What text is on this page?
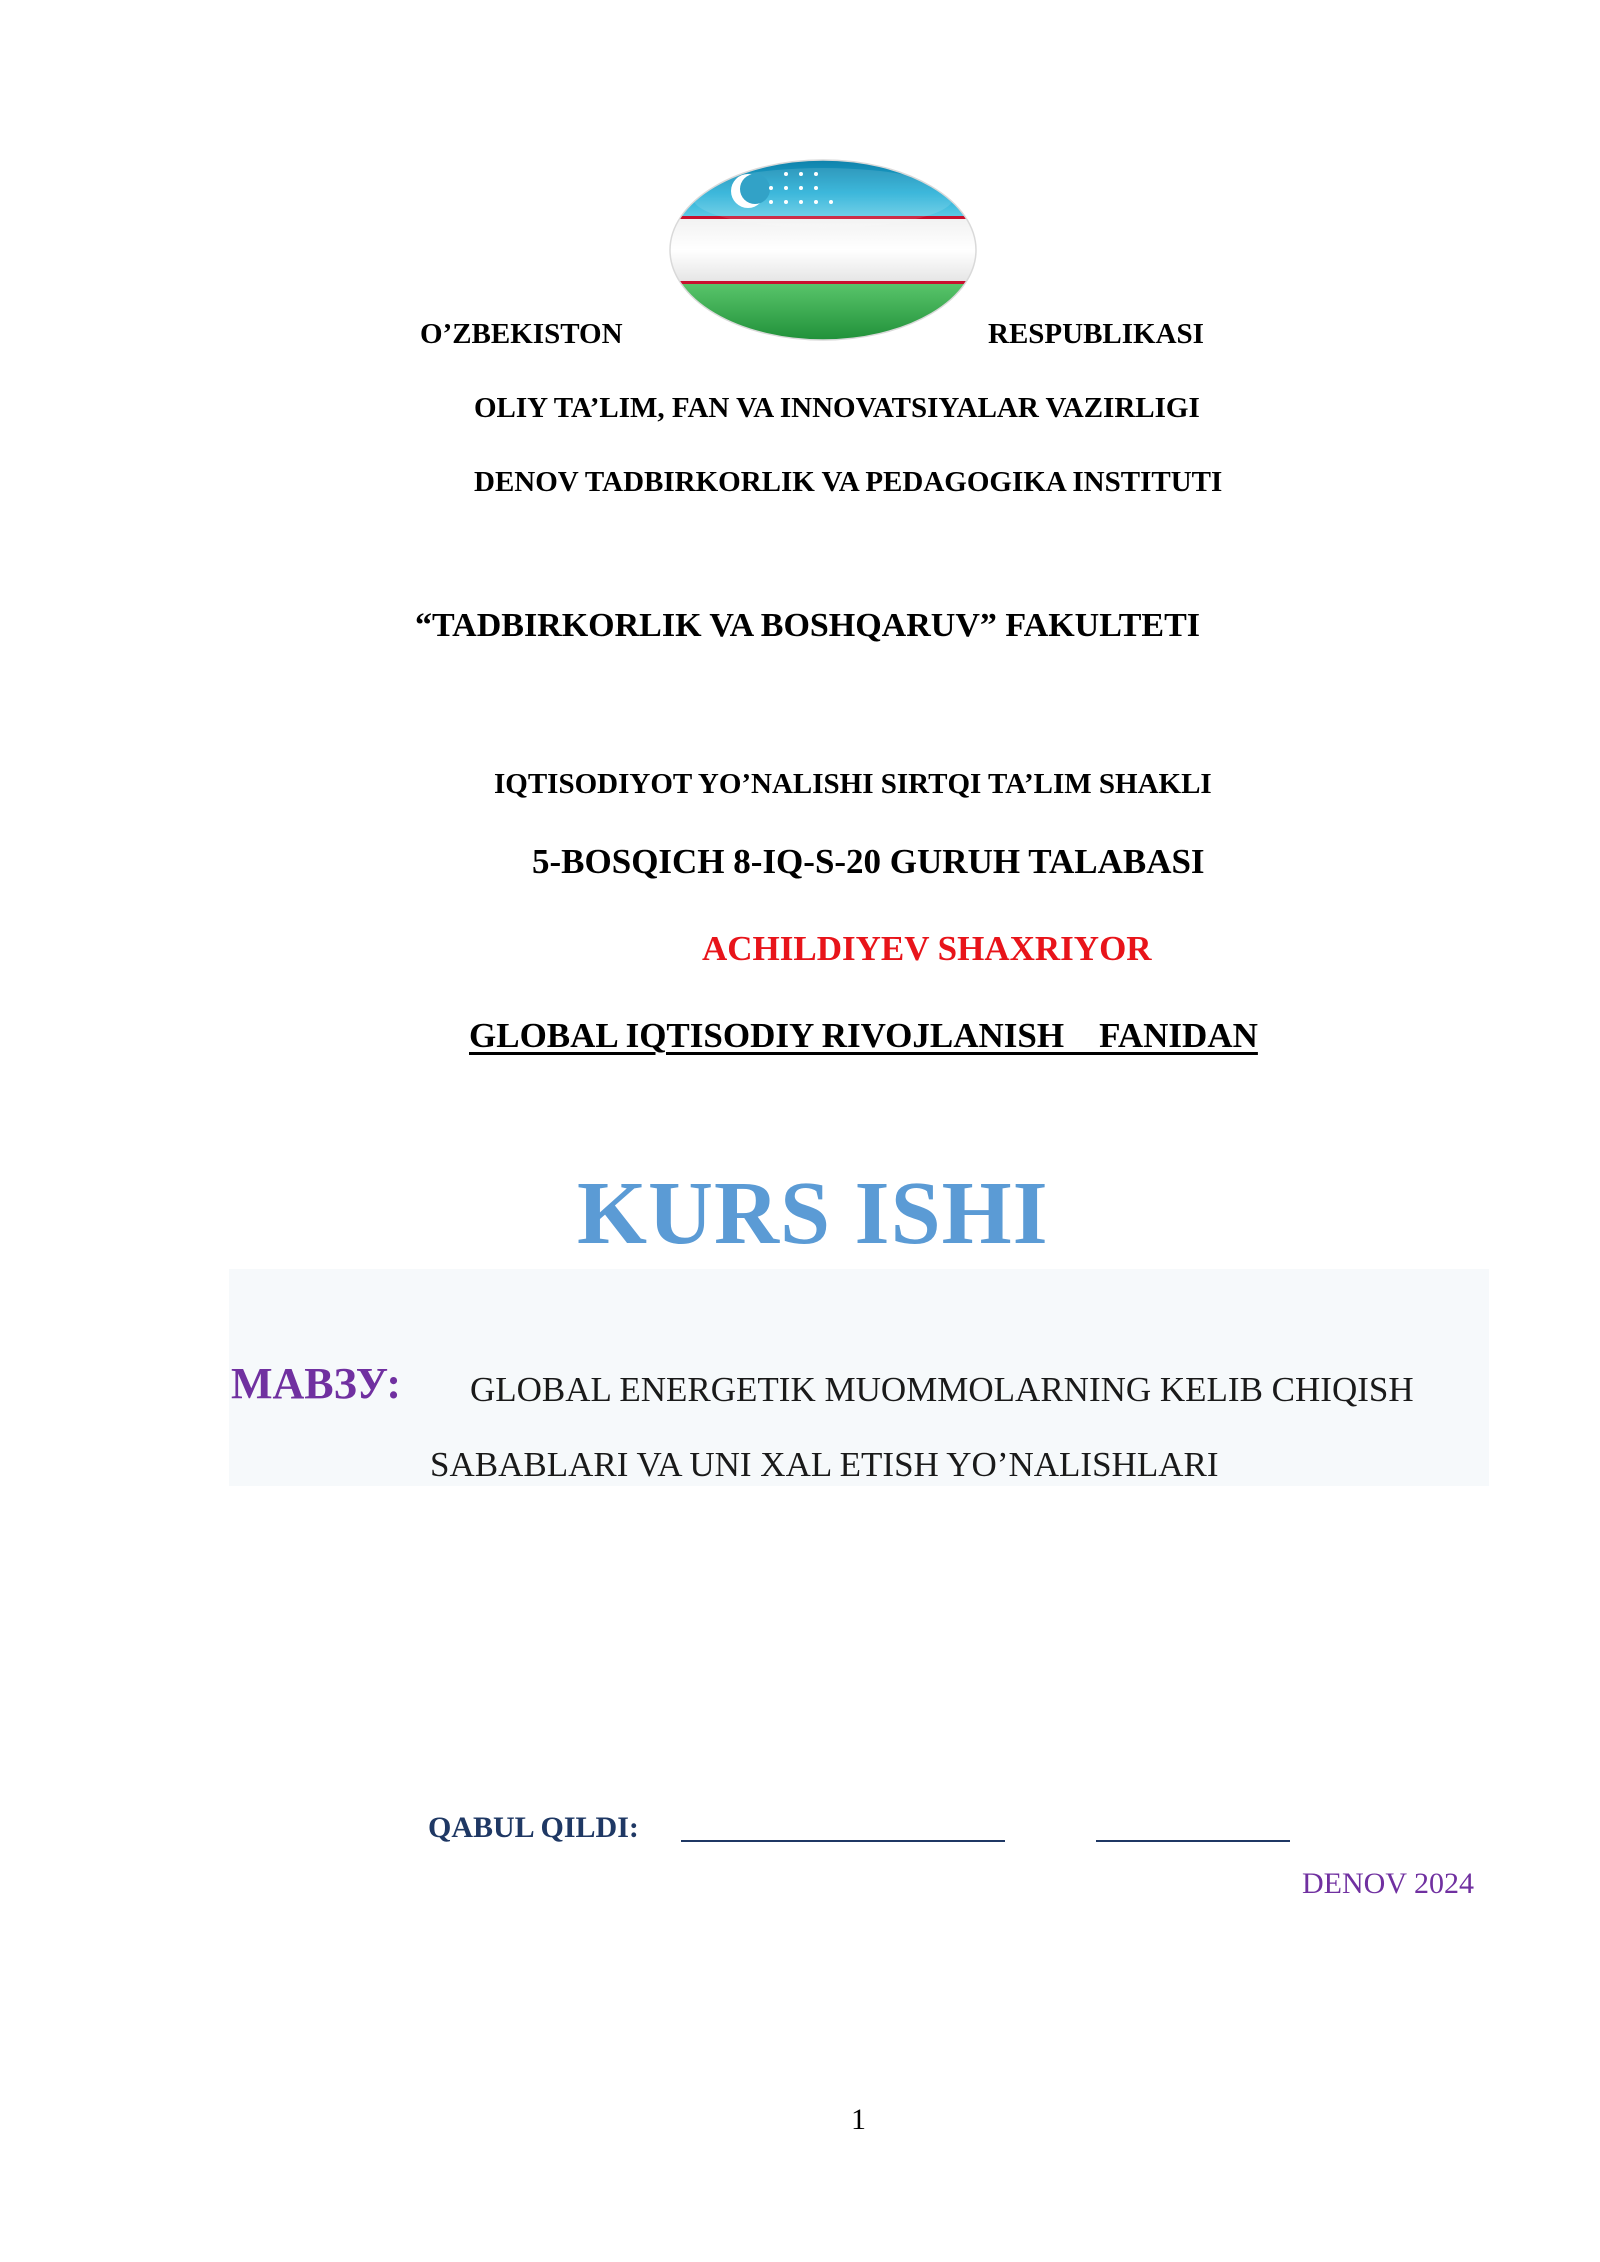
O’ZBEKISTON	RESPUBLIKASI
OLIY TA’LIM, FAN VA INNOVATSIYALAR VAZIRLIGI
DENOV TADBIRKORLIK VA PEDAGOGIKA INSTITUTI
“TADBIRKORLIK VA BOSHQARUV” FAKULTETI
IQTISODIYOT YO’NALISHI SIRTQI TA’LIM SHAKLI
5-BOSQICH 8-IQ-S-20 GURUH TALABASI
ACHILDIYEV SHAXRIYOR
GLOBAL IQTISODIY RIVOJLANISH    FANIDAN
KURS ISHI
МАВЗУ: GLOBAL ENERGETIK MUOMMOLARNING KELIB CHIQISH
SABABLARI VA UNI XAL ETISH YO’NALISHLARI
QABUL QILDI:
DENOV 2024
1
